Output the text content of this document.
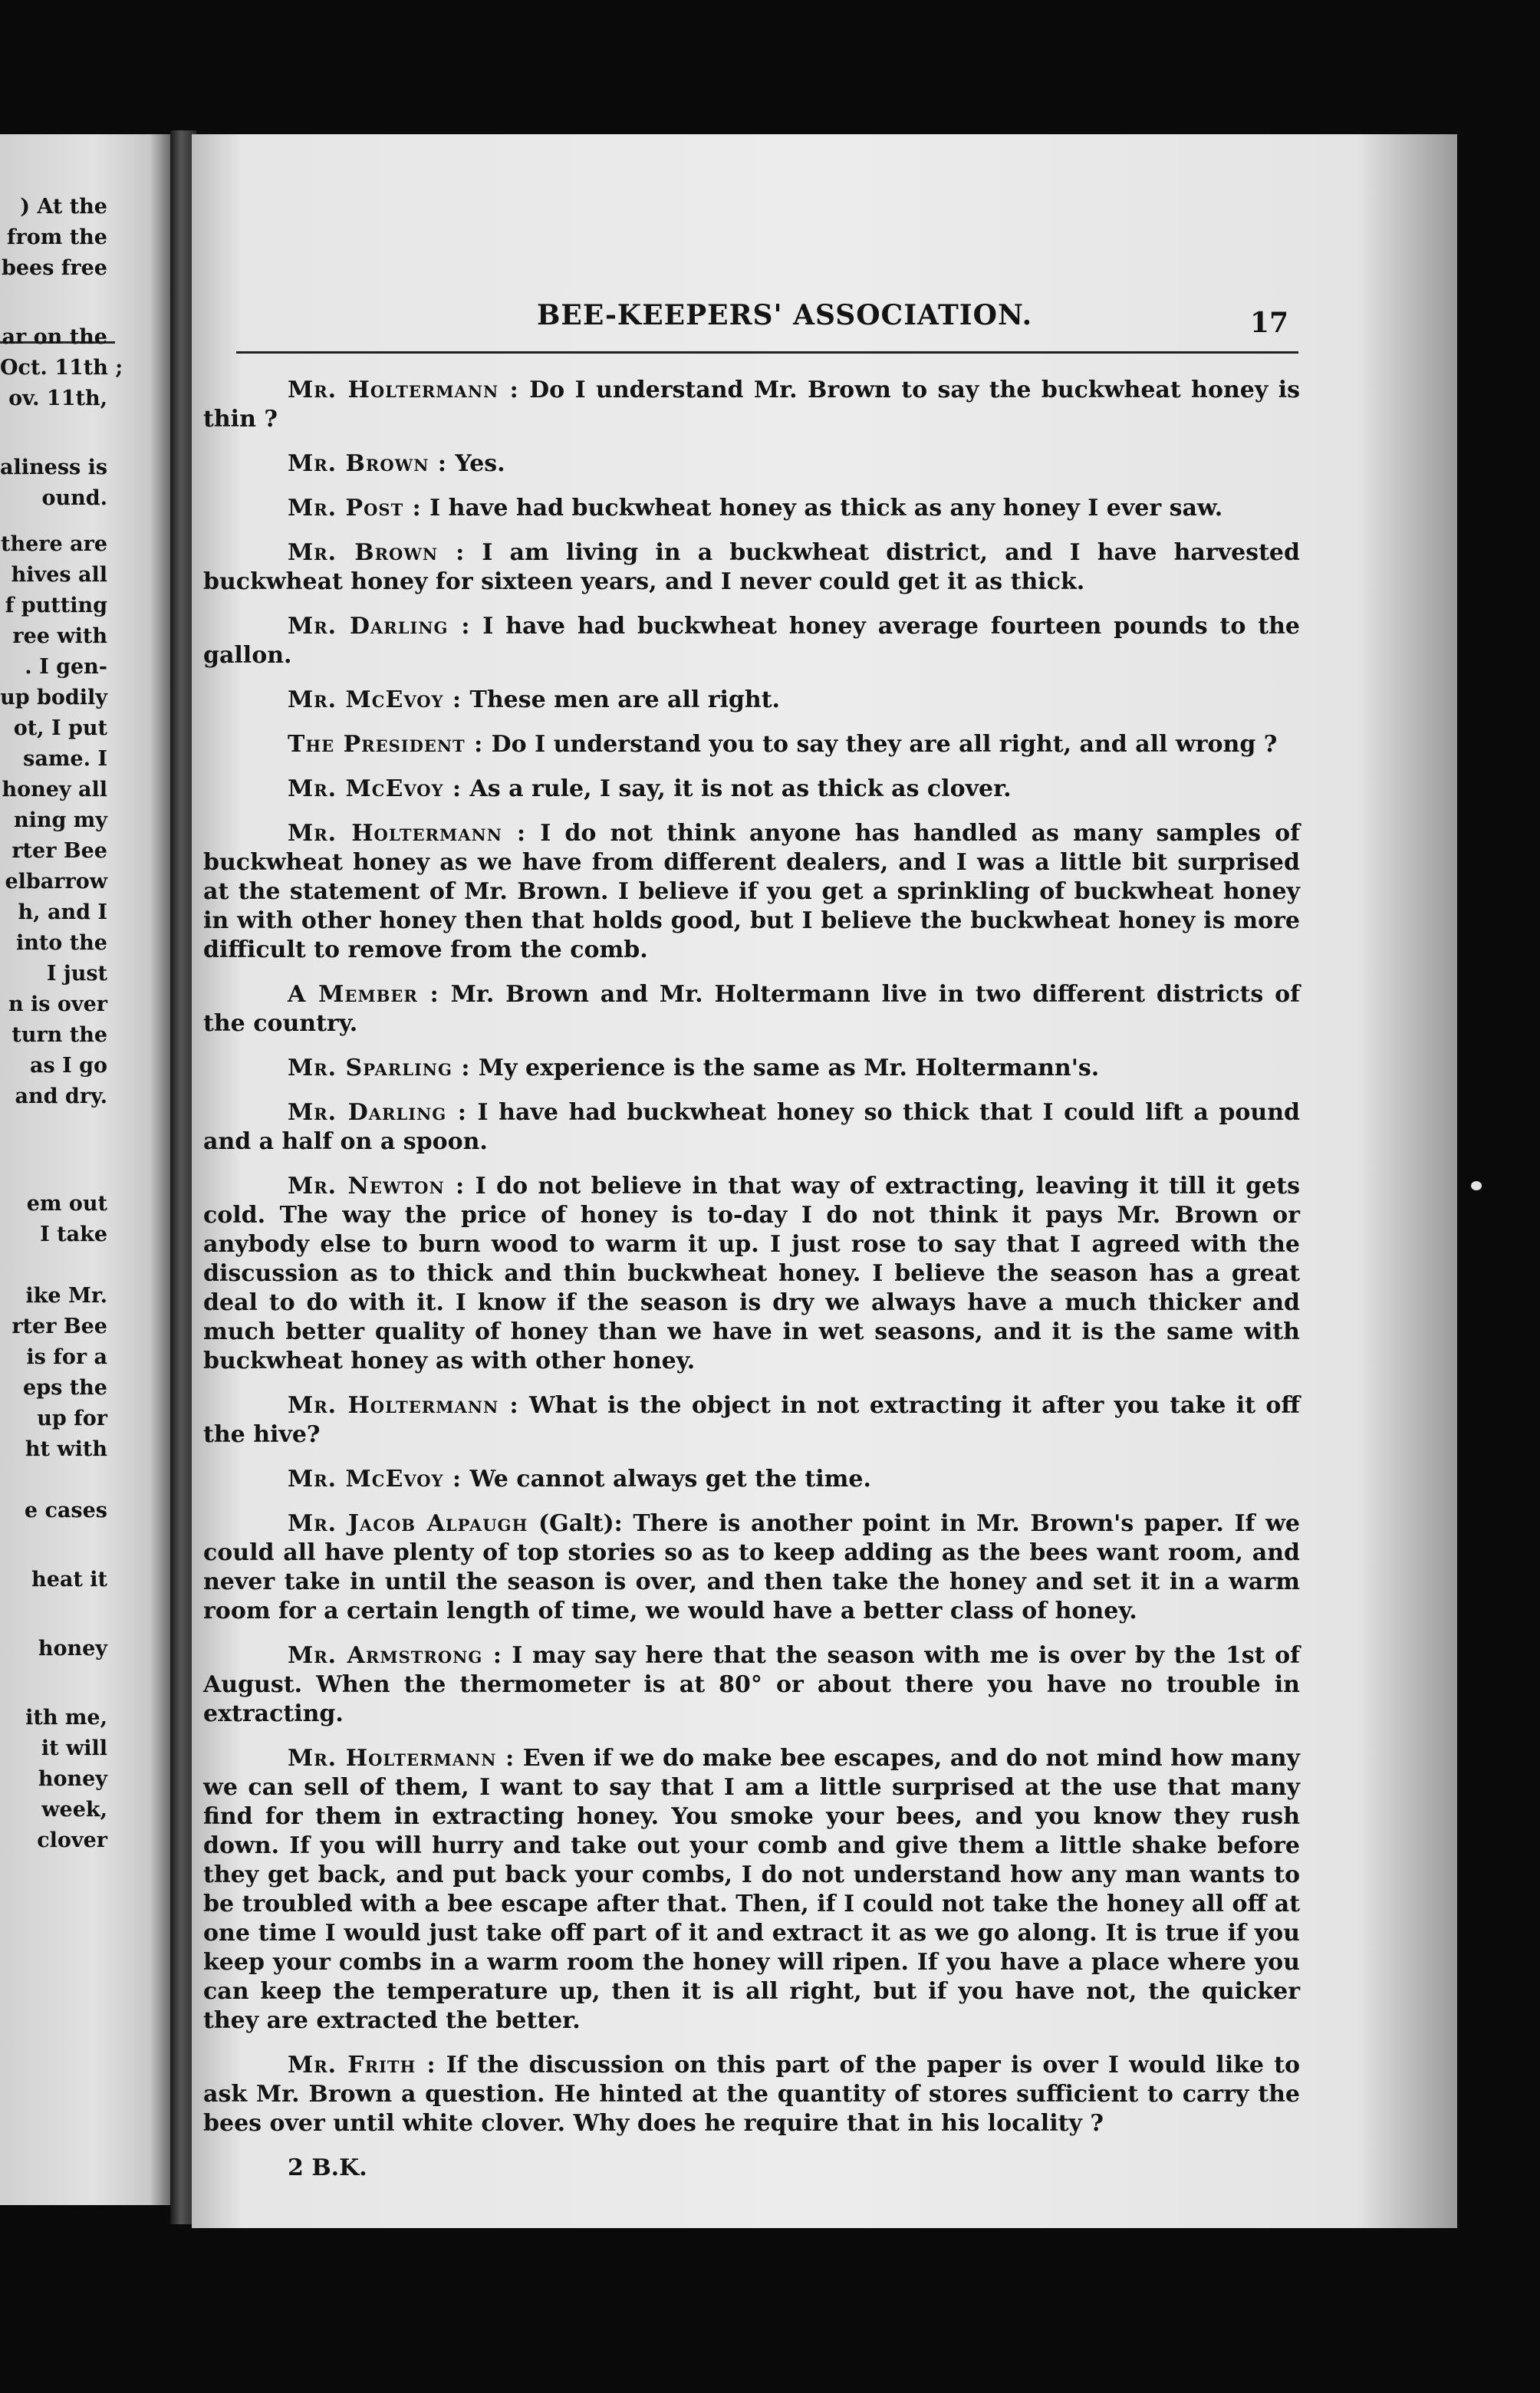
) At the
from the
bees free
ar on the
Oct. 11th ;
ov. 11th,
aliness is
ound.
there are
hives all
f putting
ree with
. I gen-
up bodily
ot, I put
same. I
honey all
ning my
rter Bee
elbarrow
h, and I
into the
I just
n is over
turn the
as I go
and dry.
em out
I take
ike Mr.
rter Bee
is for a
eps the
up for
ht with
e cases
heat it
honey
ith me,
it will
honey
week,
clover
BEE-KEEPERS' ASSOCIATION.	17

Mr. Holtermann : Do I understand Mr. Brown to say the buckwheat honey is thin ?

Mr. Brown : Yes.

Mr. Post : I have had buckwheat honey as thick as any honey I ever saw.

Mr. Brown : I am living in a buckwheat district, and I have harvested buckwheat honey for sixteen years, and I never could get it as thick.

Mr. Darling : I have had buckwheat honey average fourteen pounds to the gallon.

Mr. McEvoy : These men are all right.

The President : Do I understand you to say they are all right, and all wrong ?

Mr. McEvoy : As a rule, I say, it is not as thick as clover.

Mr. Holtermann : I do not think anyone has handled as many samples of buckwheat honey as we have from different dealers, and I was a little bit surprised at the statement of Mr. Brown. I believe if you get a sprinkling of buckwheat honey in with other honey then that holds good, but I believe the buckwheat honey is more difficult to remove from the comb.

A Member : Mr. Brown and Mr. Holtermann live in two different districts of the country.

Mr. Sparling : My experience is the same as Mr. Holtermann's.

Mr. Darling : I have had buckwheat honey so thick that I could lift a pound and a half on a spoon.

Mr. Newton : I do not believe in that way of extracting, leaving it till it gets cold. The way the price of honey is to-day I do not think it pays Mr. Brown or anybody else to burn wood to warm it up. I just rose to say that I agreed with the discussion as to thick and thin buckwheat honey. I believe the season has a great deal to do with it. I know if the season is dry we always have a much thicker and much better quality of honey than we have in wet seasons, and it is the same with buckwheat honey as with other honey.

Mr. Holtermann : What is the object in not extracting it after you take it off the hive?

Mr. McEvoy : We cannot always get the time.

Mr. Jacob Alpaugh (Galt): There is another point in Mr. Brown's paper. If we could all have plenty of top stories so as to keep adding as the bees want room, and never take in until the season is over, and then take the honey and set it in a warm room for a certain length of time, we would have a better class of honey.

Mr. Armstrong : I may say here that the season with me is over by the 1st of August. When the thermometer is at 80° or about there you have no trouble in extracting.

Mr. Holtermann : Even if we do make bee escapes, and do not mind how many we can sell of them, I want to say that I am a little surprised at the use that many find for them in extracting honey. You smoke your bees, and you know they rush down. If you will hurry and take out your comb and give them a little shake before they get back, and put back your combs, I do not understand how any man wants to be troubled with a bee escape after that. Then, if I could not take the honey all off at one time I would just take off part of it and extract it as we go along. It is true if you keep your combs in a warm room the honey will ripen. If you have a place where you can keep the temperature up, then it is all right, but if you have not, the quicker they are extracted the better.

Mr. Frith : If the discussion on this part of the paper is over I would like to ask Mr. Brown a question. He hinted at the quantity of stores sufficient to carry the bees over until white clover. Why does he require that in his locality ?

2 B.K.
